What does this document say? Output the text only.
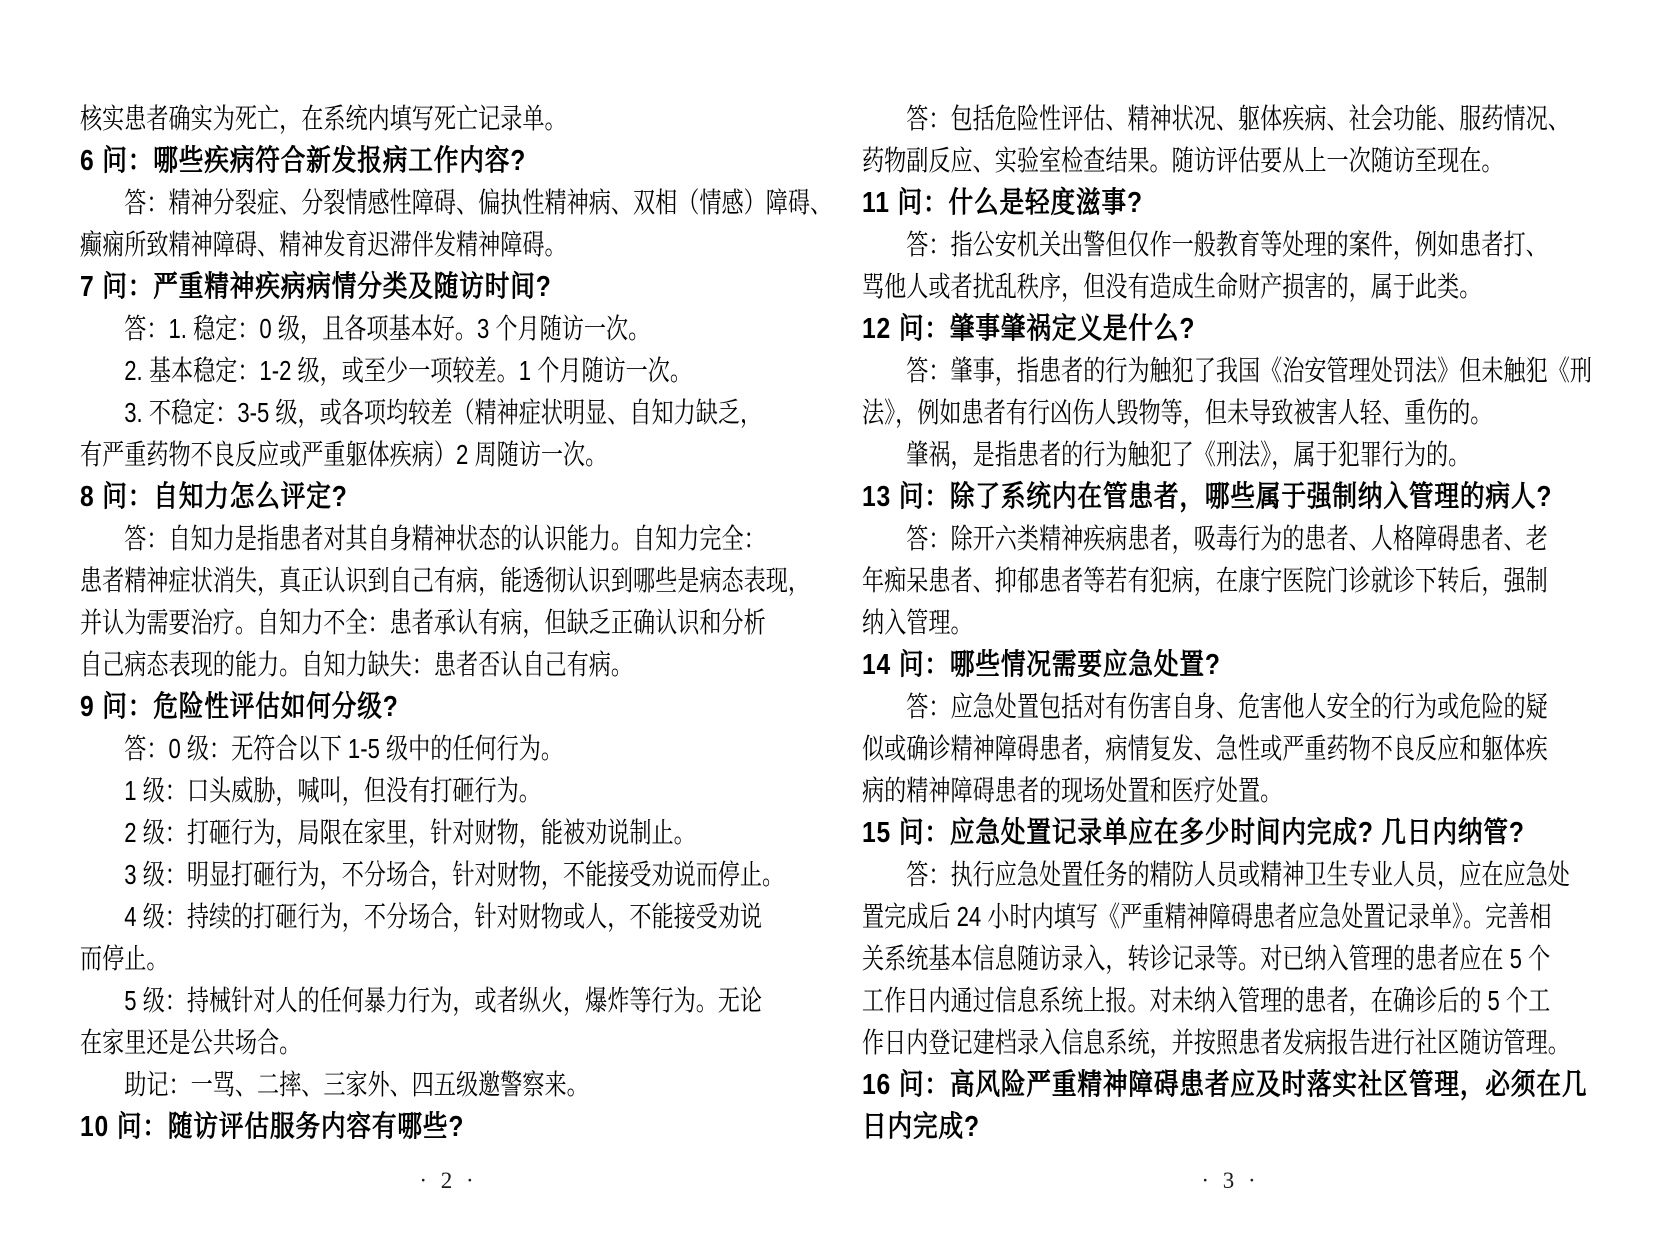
核实患者确实为死亡，在系统内填写死亡记录单。
6 问：哪些疾病符合新发报病工作内容?
答：精神分裂症、分裂情感性障碍、偏执性精神病、双相（情感）障碍、
癫痫所致精神障碍、精神发育迟滞伴发精神障碍。
7 问：严重精神疾病病情分类及随访时间?
答：1. 稳定：0 级，且各项基本好。3 个月随访一次。
2. 基本稳定：1-2 级，或至少一项较差。1 个月随访一次。
3. 不稳定：3-5 级，或各项均较差（精神症状明显、自知力缺乏，
有严重药物不良反应或严重躯体疾病）2 周随访一次。
8 问：自知力怎么评定?
答：自知力是指患者对其自身精神状态的认识能力。自知力完全：
患者精神症状消失，真正认识到自己有病，能透彻认识到哪些是病态表现，
并认为需要治疗。自知力不全：患者承认有病，但缺乏正确认识和分析
自己病态表现的能力。自知力缺失：患者否认自己有病。
9 问：危险性评估如何分级?
答：0 级：无符合以下 1-5 级中的任何行为。
1 级：口头威胁，喊叫，但没有打砸行为。
2 级：打砸行为，局限在家里，针对财物，能被劝说制止。
3 级：明显打砸行为，不分场合，针对财物，不能接受劝说而停止。
4 级：持续的打砸行为，不分场合，针对财物或人，不能接受劝说
而停止。
5 级：持械针对人的任何暴力行为，或者纵火，爆炸等行为。无论
在家里还是公共场合。
助记：一骂、二摔、三家外、四五级邀警察来。
10 问：随访评估服务内容有哪些?
· 2 ·
答：包括危险性评估、精神状况、躯体疾病、社会功能、服药情况、
药物副反应、实验室检查结果。随访评估要从上一次随访至现在。
11 问：什么是轻度滋事?
答：指公安机关出警但仅作一般教育等处理的案件，例如患者打、
骂他人或者扰乱秩序，但没有造成生命财产损害的，属于此类。
12 问：肇事肇祸定义是什么?
答：肇事，指患者的行为触犯了我国《治安管理处罚法》但未触犯《刑
法》，例如患者有行凶伤人毁物等，但未导致被害人轻、重伤的。
肇祸，是指患者的行为触犯了《刑法》，属于犯罪行为的。
13 问：除了系统内在管患者，哪些属于强制纳入管理的病人?
答：除开六类精神疾病患者，吸毒行为的患者、人格障碍患者、老
年痴呆患者、抑郁患者等若有犯病，在康宁医院门诊就诊下转后，强制
纳入管理。
14 问：哪些情况需要应急处置?
答：应急处置包括对有伤害自身、危害他人安全的行为或危险的疑
似或确诊精神障碍患者，病情复发、急性或严重药物不良反应和躯体疾
病的精神障碍患者的现场处置和医疗处置。
15 问：应急处置记录单应在多少时间内完成? 几日内纳管?
答：执行应急处置任务的精防人员或精神卫生专业人员，应在应急处
置完成后 24 小时内填写《严重精神障碍患者应急处置记录单》。完善相
关系统基本信息随访录入，转诊记录等。对已纳入管理的患者应在 5 个
工作日内通过信息系统上报。对未纳入管理的患者，在确诊后的 5 个工
作日内登记建档录入信息系统，并按照患者发病报告进行社区随访管理。
16 问：高风险严重精神障碍患者应及时落实社区管理，必须在几
日内完成?
· 3 ·
